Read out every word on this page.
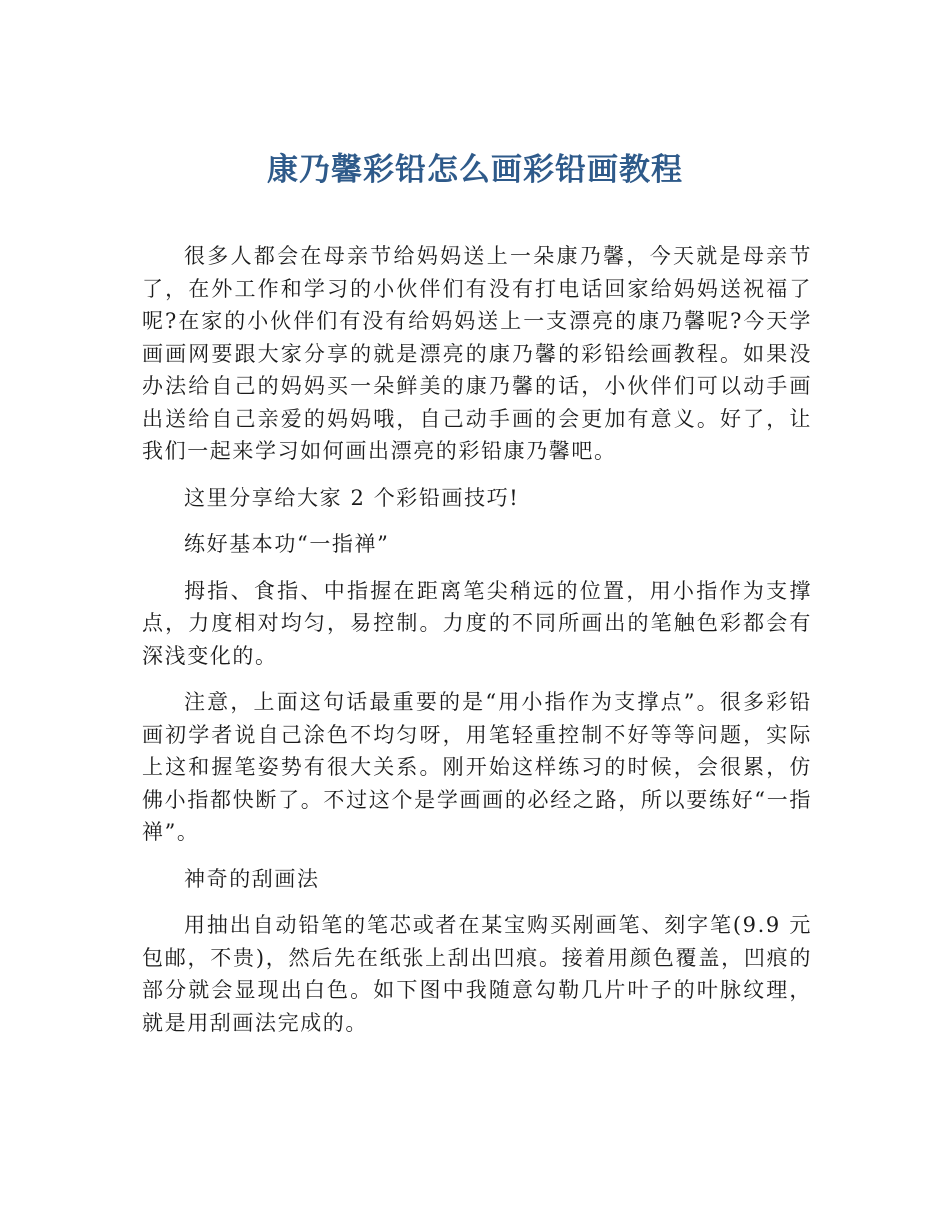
康乃馨彩铅怎么画彩铅画教程

很多人都会在母亲节给妈妈送上一朵康乃馨，今天就是母亲节了，在外工作和学习的小伙伴们有没有打电话回家给妈妈送祝福了呢?在家的小伙伴们有没有给妈妈送上一支漂亮的康乃馨呢?今天学画画网要跟大家分享的就是漂亮的康乃馨的彩铅绘画教程。如果没办法给自己的妈妈买一朵鲜美的康乃馨的话，小伙伴们可以动手画出送给自己亲爱的妈妈哦，自己动手画的会更加有意义。好了，让我们一起来学习如何画出漂亮的彩铅康乃馨吧。

这里分享给大家 2 个彩铅画技巧!

练好基本功“一指禅”

拇指、食指、中指握在距离笔尖稍远的位置，用小指作为支撑点，力度相对均匀，易控制。力度的不同所画出的笔触色彩都会有深浅变化的。

注意，上面这句话最重要的是“用小指作为支撑点”。很多彩铅画初学者说自己涂色不均匀呀，用笔轻重控制不好等等问题，实际上这和握笔姿势有很大关系。刚开始这样练习的时候，会很累，仿佛小指都快断了。不过这个是学画画的必经之路，所以要练好“一指禅”。

神奇的刮画法

用抽出自动铅笔的笔芯或者在某宝购买剐画笔、刻字笔(9.9 元包邮，不贵)，然后先在纸张上刮出凹痕。接着用颜色覆盖，凹痕的部分就会显现出白色。如下图中我随意勾勒几片叶子的叶脉纹理，就是用刮画法完成的。
